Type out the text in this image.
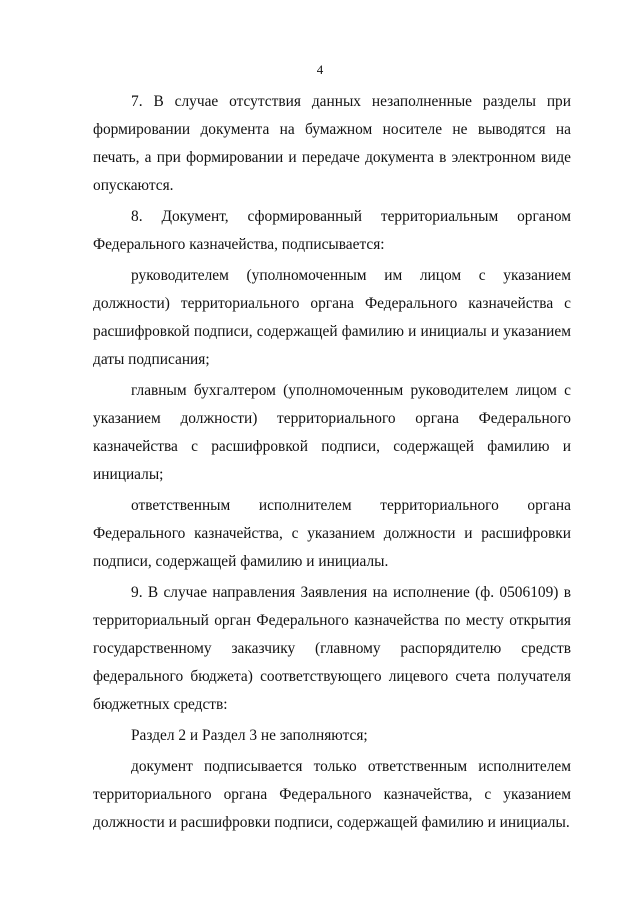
4

7. В случае отсутствия данных незаполненные разделы при формировании документа на бумажном носителе не выводятся на печать, а при формировании и передаче документа в электронном виде опускаются.

8. Документ, сформированный территориальным органом Федерального казначейства, подписывается:

руководителем (уполномоченным им лицом с указанием должности) территориального органа Федерального казначейства с расшифровкой подписи, содержащей фамилию и инициалы и указанием даты подписания;

главным бухгалтером (уполномоченным руководителем лицом с указанием должности) территориального органа Федерального казначейства с расшифровкой подписи, содержащей фамилию и инициалы;

ответственным исполнителем территориального органа Федерального казначейства, с указанием должности и расшифровки подписи, содержащей фамилию и инициалы.

9. В случае направления Заявления на исполнение (ф. 0506109) в территориальный орган Федерального казначейства по месту открытия государственному заказчику (главному распорядителю средств федерального бюджета) соответствующего лицевого счета получателя бюджетных средств:

Раздел 2 и Раздел 3 не заполняются;

документ подписывается только ответственным исполнителем территориального органа Федерального казначейства, с указанием должности и расшифровки подписи, содержащей фамилию и инициалы.
